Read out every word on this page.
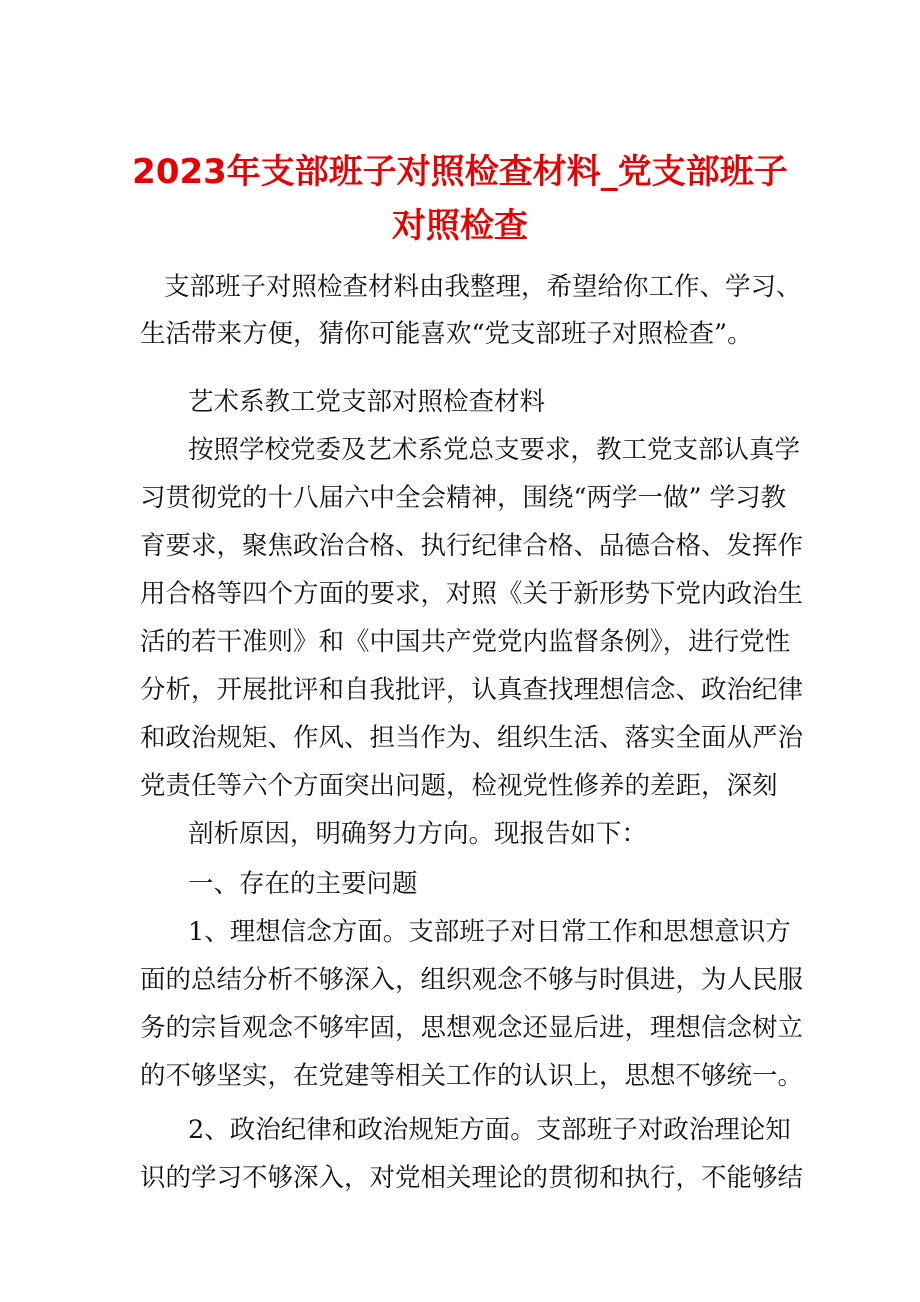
2023年支部班子对照检查材料_党支部班子
对照检查

支部班子对照检查材料由我整理，希望给你工作、学习、

生活带来方便，猜你可能喜欢“党支部班子对照检查”。

艺术系教工党支部对照检查材料

按照学校党委及艺术系党总支要求，教工党支部认真学

习贯彻党的十八届六中全会精神，围绕“两学一做” 学习教

育要求，聚焦政治合格、执行纪律合格、品德合格、发挥作

用合格等四个方面的要求，对照《关于新形势下党内政治生

活的若干准则》和《中国共产党党内监督条例》，进行党性

分析，开展批评和自我批评，认真查找理想信念、政治纪律

和政治规矩、作风、担当作为、组织生活、落实全面从严治

党责任等六个方面突出问题，检视党性修养的差距，深刻

剖析原因，明确努力方向。现报告如下：

一、存在的主要问题

1、理想信念方面。支部班子对日常工作和思想意识方

面的总结分析不够深入，组织观念不够与时俱进，为人民服

务的宗旨观念不够牢固，思想观念还显后进，理想信念树立

的不够坚实，在党建等相关工作的认识上，思想不够统一。

2、政治纪律和政治规矩方面。支部班子对政治理论知

识的学习不够深入，对党相关理论的贯彻和执行，不能够结
